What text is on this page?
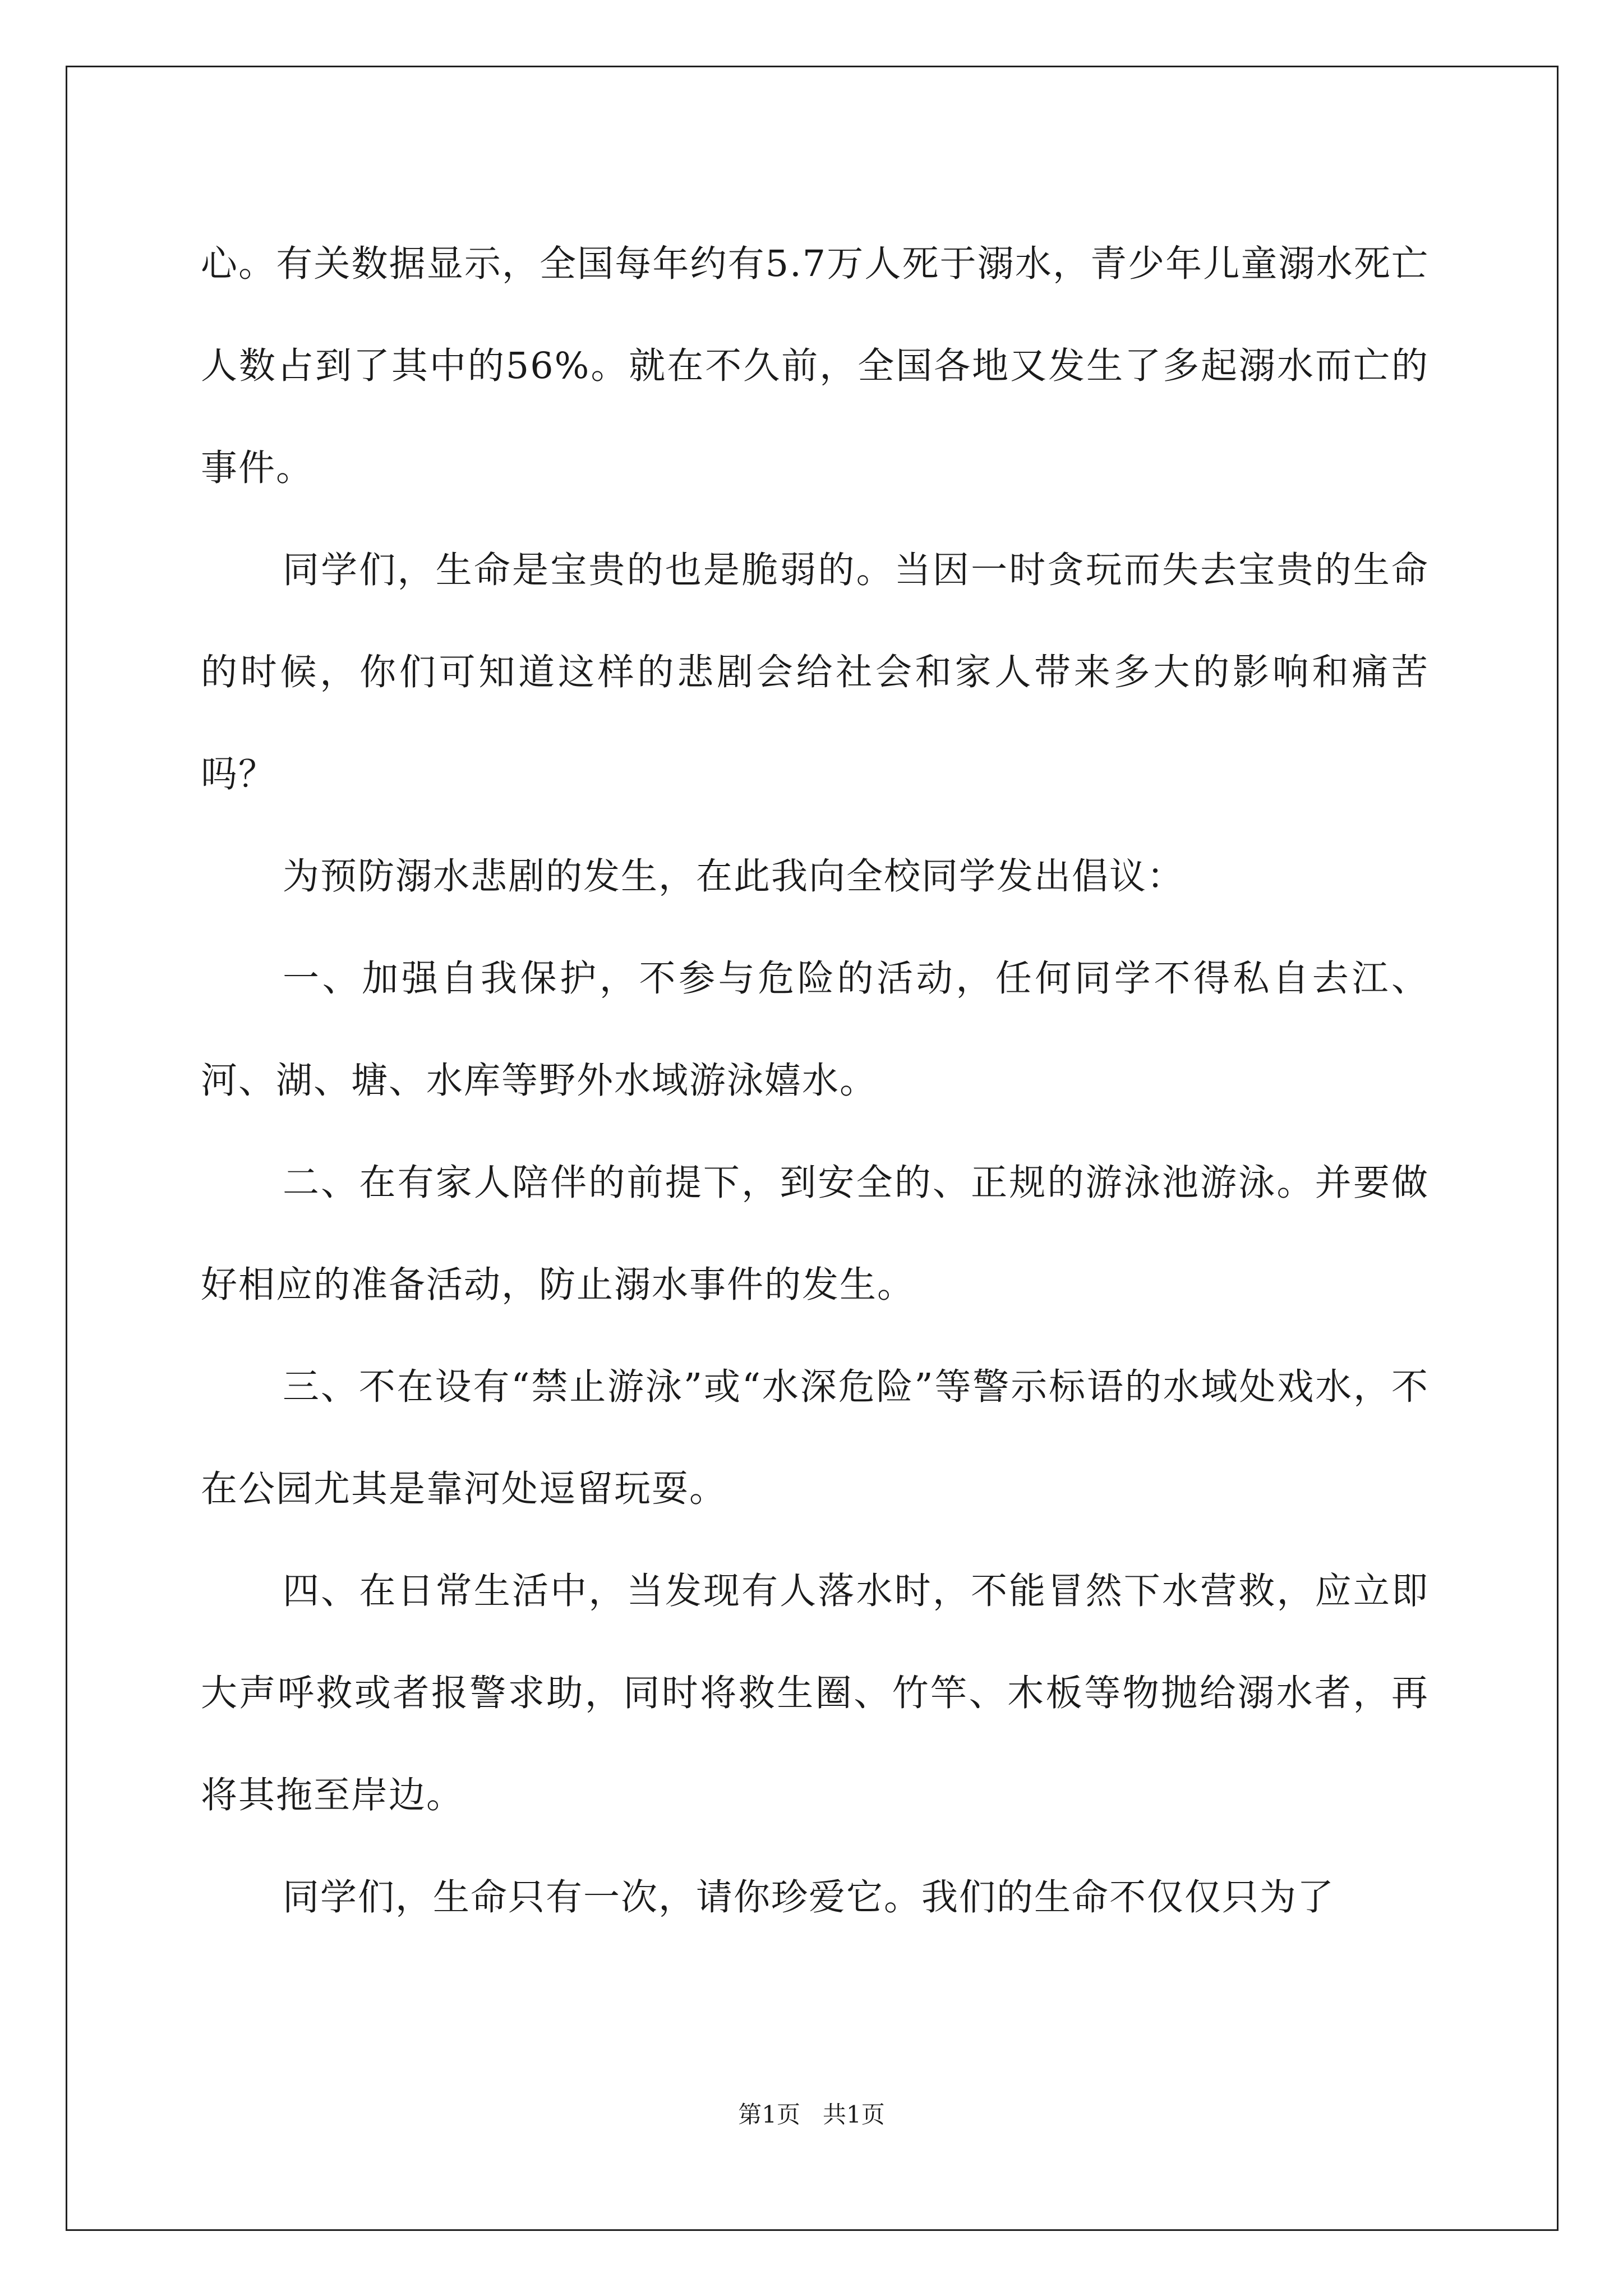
心。有关数据显示，全国每年约有5.7万人死于溺水，青少年儿童溺水死亡人数占到了其中的56%。就在不久前，全国各地又发生了多起溺水而亡的事件。

同学们，生命是宝贵的也是脆弱的。当因一时贪玩而失去宝贵的生命的时候，你们可知道这样的悲剧会给社会和家人带来多大的影响和痛苦吗？

为预防溺水悲剧的发生，在此我向全校同学发出倡议：

一、加强自我保护，不参与危险的活动，任何同学不得私自去江、河、湖、塘、水库等野外水域游泳嬉水。

二、在有家人陪伴的前提下，到安全的、正规的游泳池游泳。并要做好相应的准备活动，防止溺水事件的发生。

三、不在设有“禁止游泳”或“水深危险”等警示标语的水域处戏水，不在公园尤其是靠河处逗留玩耍。

四、在日常生活中，当发现有人落水时，不能冒然下水营救，应立即大声呼救或者报警求助，同时将救生圈、竹竿、木板等物抛给溺水者，再将其拖至岸边。

同学们，生命只有一次，请你珍爱它。我们的生命不仅仅只为了

第1页 共1页
